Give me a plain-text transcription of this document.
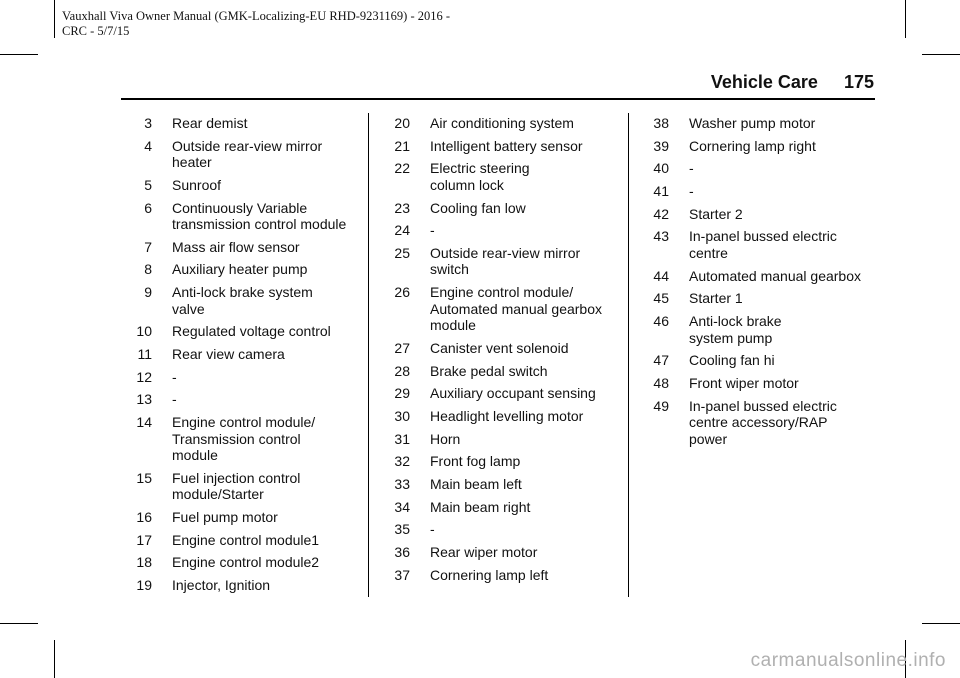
Vauxhall Viva Owner Manual (GMK-Localizing-EU RHD-9231169) - 2016 -
CRC - 5/7/15
Vehicle Care 175
3	Rear demist
4	Outside rear-view mirror
heater
5	Sunroof
6	Continuously Variable
transmission control module
7	Mass air flow sensor
8	Auxiliary heater pump
9	Anti-lock brake system
valve
10	Regulated voltage control
11	Rear view camera
12	-
13	-
14	Engine control module/
Transmission control
module
15	Fuel injection control
module/Starter
16	Fuel pump motor
17	Engine control module1
18	Engine control module2
19	Injector, Ignition
20	Air conditioning system
21	Intelligent battery sensor
22	Electric steering
column lock
23	Cooling fan low
24	-
25	Outside rear-view mirror
switch
26	Engine control module/
Automated manual gearbox
module
27	Canister vent solenoid
28	Brake pedal switch
29	Auxiliary occupant sensing
30	Headlight levelling motor
31	Horn
32	Front fog lamp
33	Main beam left
34	Main beam right
35	-
36	Rear wiper motor
37	Cornering lamp left
38	Washer pump motor
39	Cornering lamp right
40	-
41	-
42	Starter 2
43	In-panel bussed electric
centre
44	Automated manual gearbox
45	Starter 1
46	Anti-lock brake
system pump
47	Cooling fan hi
48	Front wiper motor
49	In-panel bussed electric
centre accessory/RAP
power
carmanualsonline.info
